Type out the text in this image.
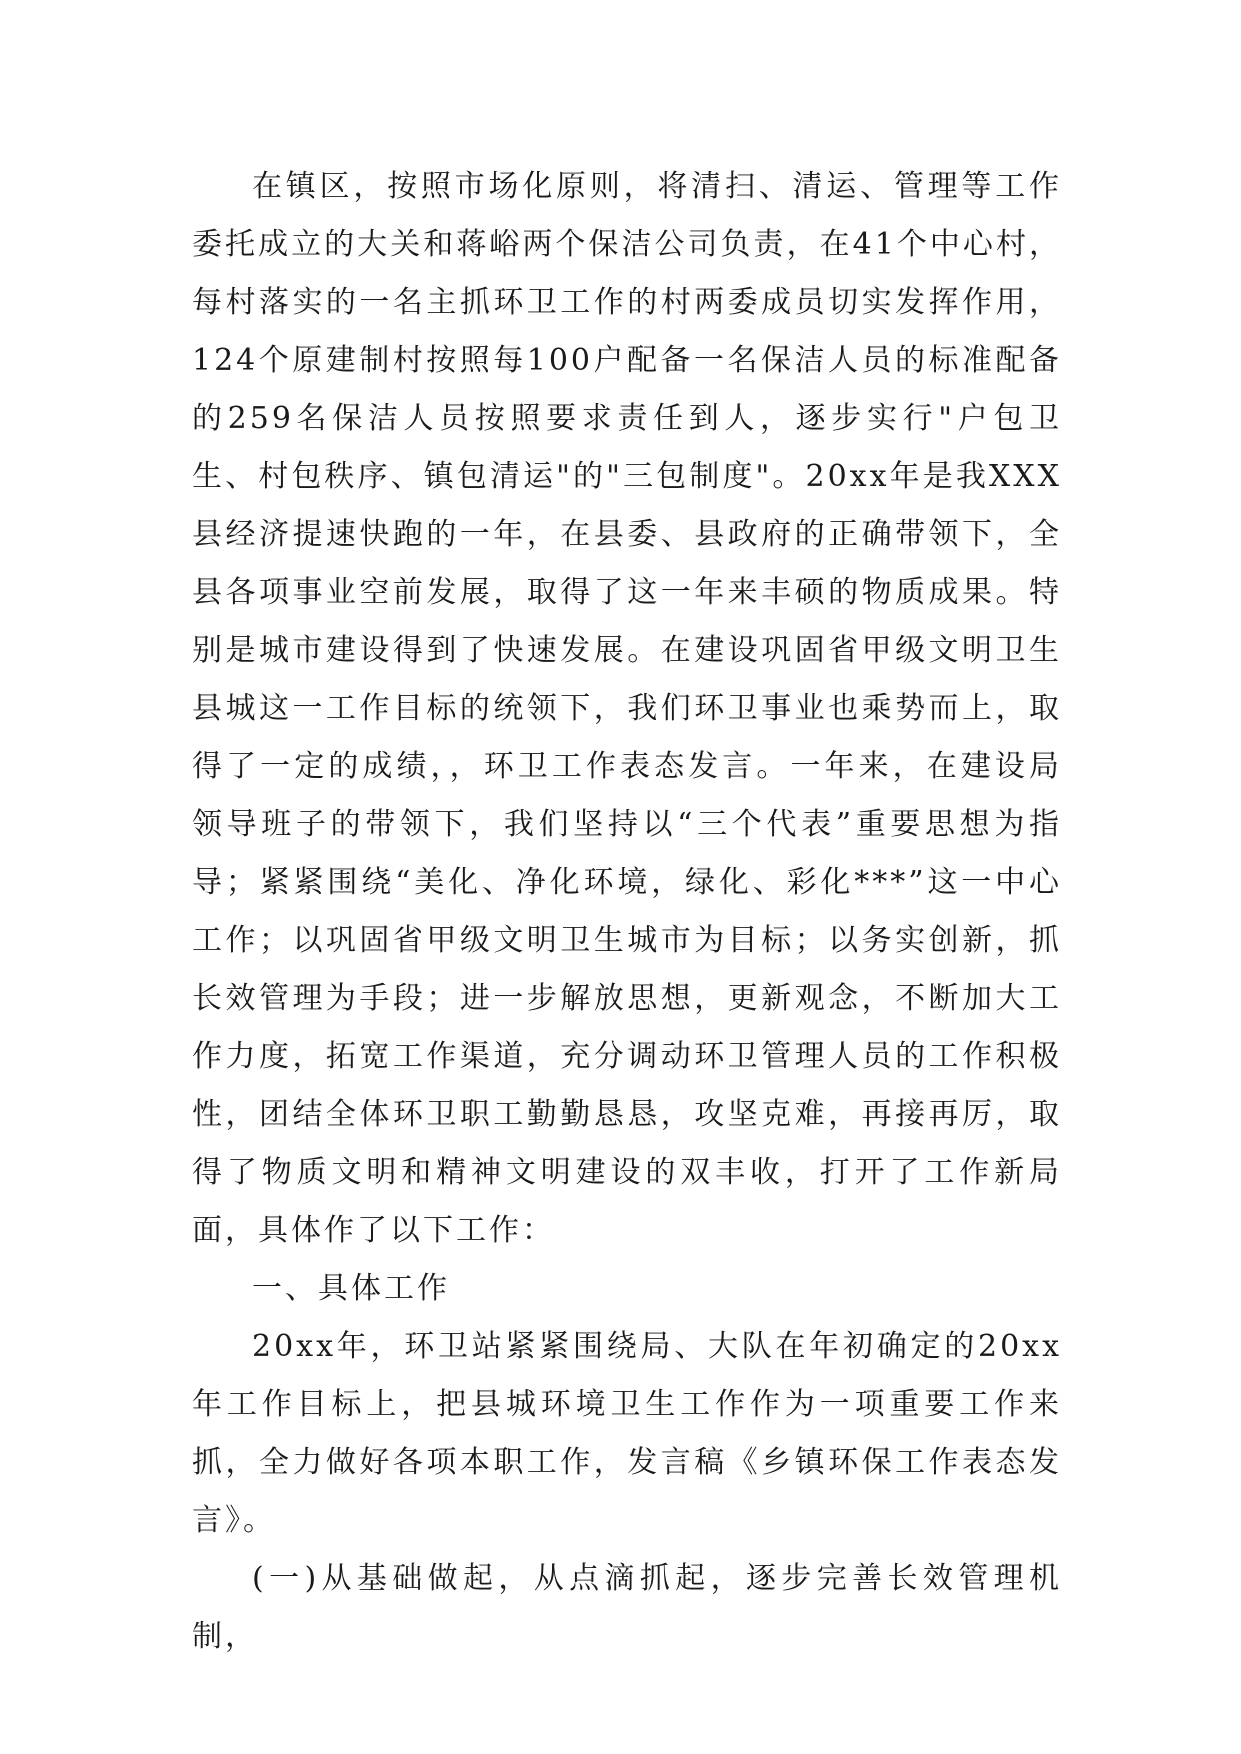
在镇区，按照市场化原则，将清扫、清运、管理等工作委托成立的大关和蒋峪两个保洁公司负责，在41个中心村，每村落实的一名主抓环卫工作的村两委成员切实发挥作用，124个原建制村按照每100户配备一名保洁人员的标准配备的259名保洁人员按照要求责任到人，逐步实行"户包卫生、村包秩序、镇包清运"的"三包制度"。20xx年是我XXX县经济提速快跑的一年，在县委、县政府的正确带领下，全县各项事业空前发展，取得了这一年来丰硕的物质成果。特别是城市建设得到了快速发展。在建设巩固省甲级文明卫生县城这一工作目标的统领下，我们环卫事业也乘势而上，取得了一定的成绩，，环卫工作表态发言。一年来，在建设局领导班子的带领下，我们坚持以“三个代表”重要思想为指导；紧紧围绕“美化、净化环境，绿化、彩化***”这一中心工作；以巩固省甲级文明卫生城市为目标；以务实创新，抓长效管理为手段；进一步解放思想，更新观念，不断加大工作力度，拓宽工作渠道，充分调动环卫管理人员的工作积极性，团结全体环卫职工勤勤恳恳，攻坚克难，再接再厉，取得了物质文明和精神文明建设的双丰收，打开了工作新局面，具体作了以下工作：

一、具体工作

20xx年，环卫站紧紧围绕局、大队在年初确定的20xx年工作目标上，把县城环境卫生工作作为一项重要工作来抓，全力做好各项本职工作，发言稿《乡镇环保工作表态发言》。

(一)从基础做起，从点滴抓起，逐步完善长效管理机制，
